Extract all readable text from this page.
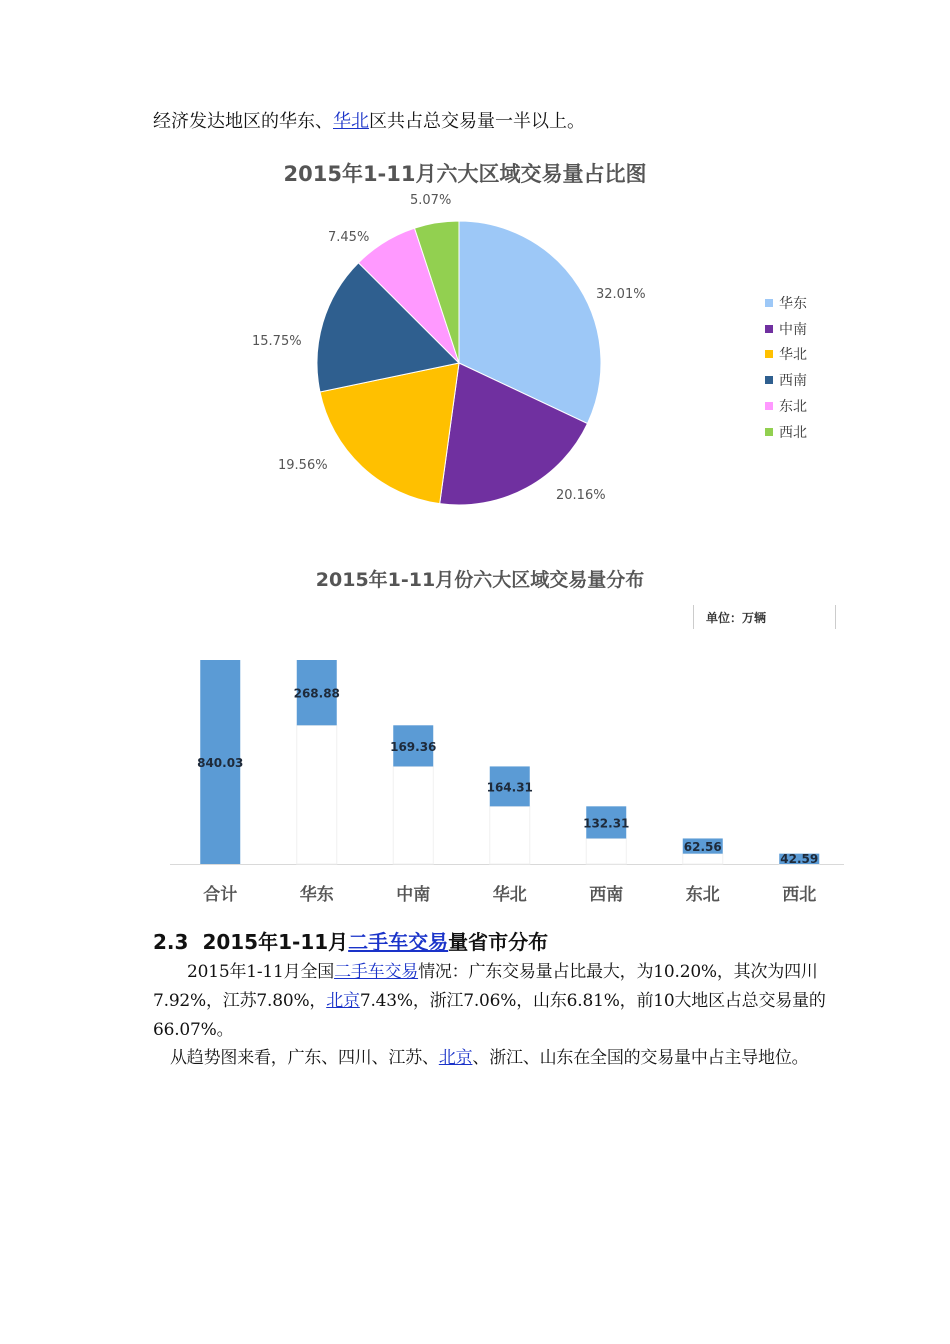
经济发达地区的华东、华北区共占总交易量一半以上。

2015年1-11月六大区域交易量占比图
32.01%
20.16%
19.56%
15.75%
7.45%
5.07%
华东
中南
华北
西南
东北
西北
2015年1-11月份六大区域交易量分布
单位：万辆
840.03
合计
268.88
华东
169.36
中南
164.31
华北
132.31
西南
62.56
东北
42.59
西北
2.3 2015年1-11月二手车交易量省市分布

2015年1-11月全国二手车交易情况：广东交易量占比最大，为10.20%，其次为四川7.92%，江苏7.80%，北京7.43%，浙江7.06%，山东6.81%，前10大地区占总交易量的66.07%。

从趋势图来看，广东、四川、江苏、北京、浙江、山东在全国的交易量中占主导地位。
